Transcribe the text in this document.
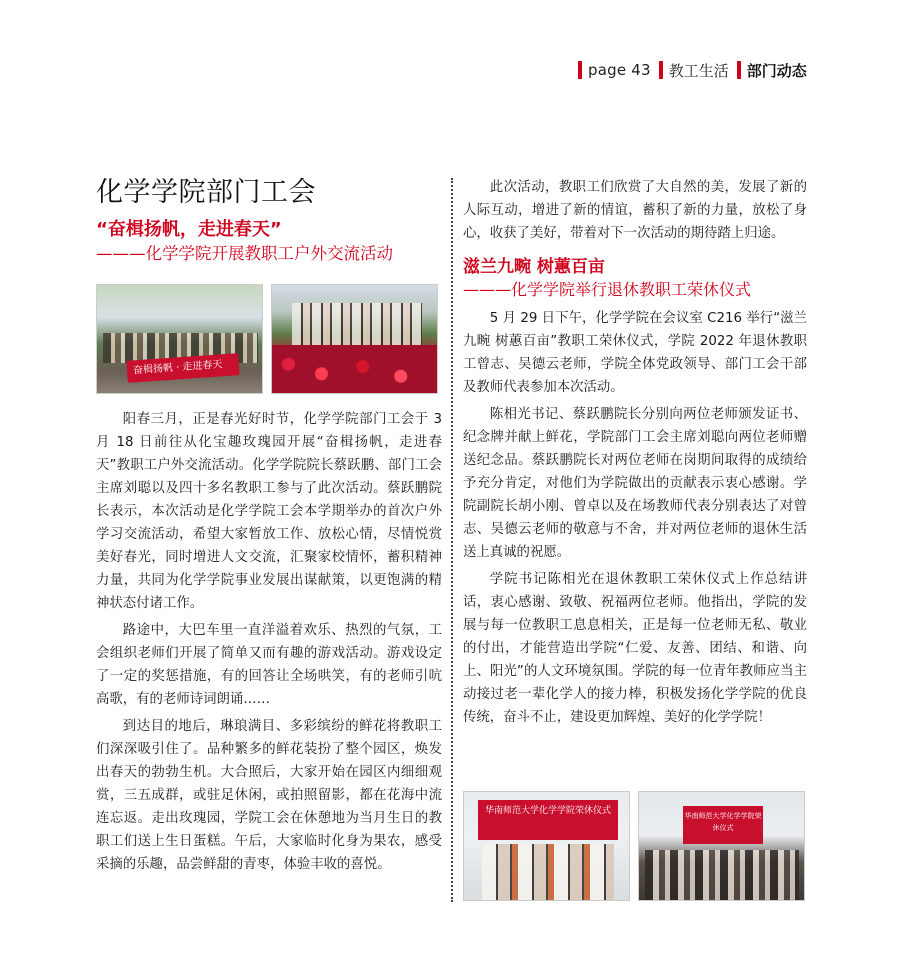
page 43 教工生活 部门动态
化学学院部门工会
“奋楫扬帆，走进春天”
———化学学院开展教职工户外交流活动
奋楫扬帆 · 走进春天

阳春三月，正是春光好时节，化学学院部门工会于 3 月 18 日前往从化宝趣玫瑰园开展“奋楫扬帆，走进春天”教职工户外交流活动。化学学院院长蔡跃鹏、部门工会主席刘聪以及四十多名教职工参与了此次活动。蔡跃鹏院长表示，本次活动是化学学院工会本学期举办的首次户外学习交流活动，希望大家暂放工作、放松心情，尽情悦赏美好春光，同时增进人文交流，汇聚家校情怀，蓄积精神力量，共同为化学学院事业发展出谋献策，以更饱满的精神状态付诸工作。

路途中，大巴车里一直洋溢着欢乐、热烈的气氛，工会组织老师们开展了简单又而有趣的游戏活动。游戏设定了一定的奖惩措施，有的回答让全场哄笑，有的老师引吭高歌，有的老师诗词朗诵……

到达目的地后，琳琅满目、多彩缤纷的鲜花将教职工们深深吸引住了。品种繁多的鲜花装扮了整个园区，焕发出春天的勃勃生机。大合照后，大家开始在园区内细细观赏，三五成群，或驻足休闲，或拍照留影，都在花海中流连忘返。走出玫瑰园，学院工会在休憩地为当月生日的教职工们送上生日蛋糕。午后，大家临时化身为果农，感受采摘的乐趣，品尝鲜甜的青枣，体验丰收的喜悦。

此次活动，教职工们欣赏了大自然的美，发展了新的人际互动，增进了新的情谊，蓄积了新的力量，放松了身心，收获了美好，带着对下一次活动的期待踏上归途。

滋兰九畹 树蕙百亩
———化学学院举行退休教职工荣休仪式

5 月 29 日下午，化学学院在会议室 C216 举行“滋兰九畹 树蕙百亩”教职工荣休仪式，学院 2022 年退休教职工曾志、吴德云老师，学院全体党政领导、部门工会干部及教师代表参加本次活动。

陈相光书记、蔡跃鹏院长分别向两位老师颁发证书、纪念牌并献上鲜花，学院部门工会主席刘聪向两位老师赠送纪念品。蔡跃鹏院长对两位老师在岗期间取得的成绩给予充分肯定，对他们为学院做出的贡献表示衷心感谢。学院副院长胡小刚、曾卓以及在场教师代表分别表达了对曾志、吴德云老师的敬意与不舍，并对两位老师的退休生活送上真诚的祝愿。

学院书记陈相光在退休教职工荣休仪式上作总结讲话，衷心感谢、致敬、祝福两位老师。他指出，学院的发展与每一位教职工息息相关，正是每一位老师无私、敬业的付出，才能营造出学院“仁爱、友善、团结、和谐、向上、阳光”的人文环境氛围。学院的每一位青年教师应当主动接过老一辈化学人的接力棒，积极发扬化学学院的优良传统，奋斗不止，建设更加辉煌、美好的化学学院！

华南师范大学化学学院荣休仪式	华南师范大学化学学院荣休仪式
